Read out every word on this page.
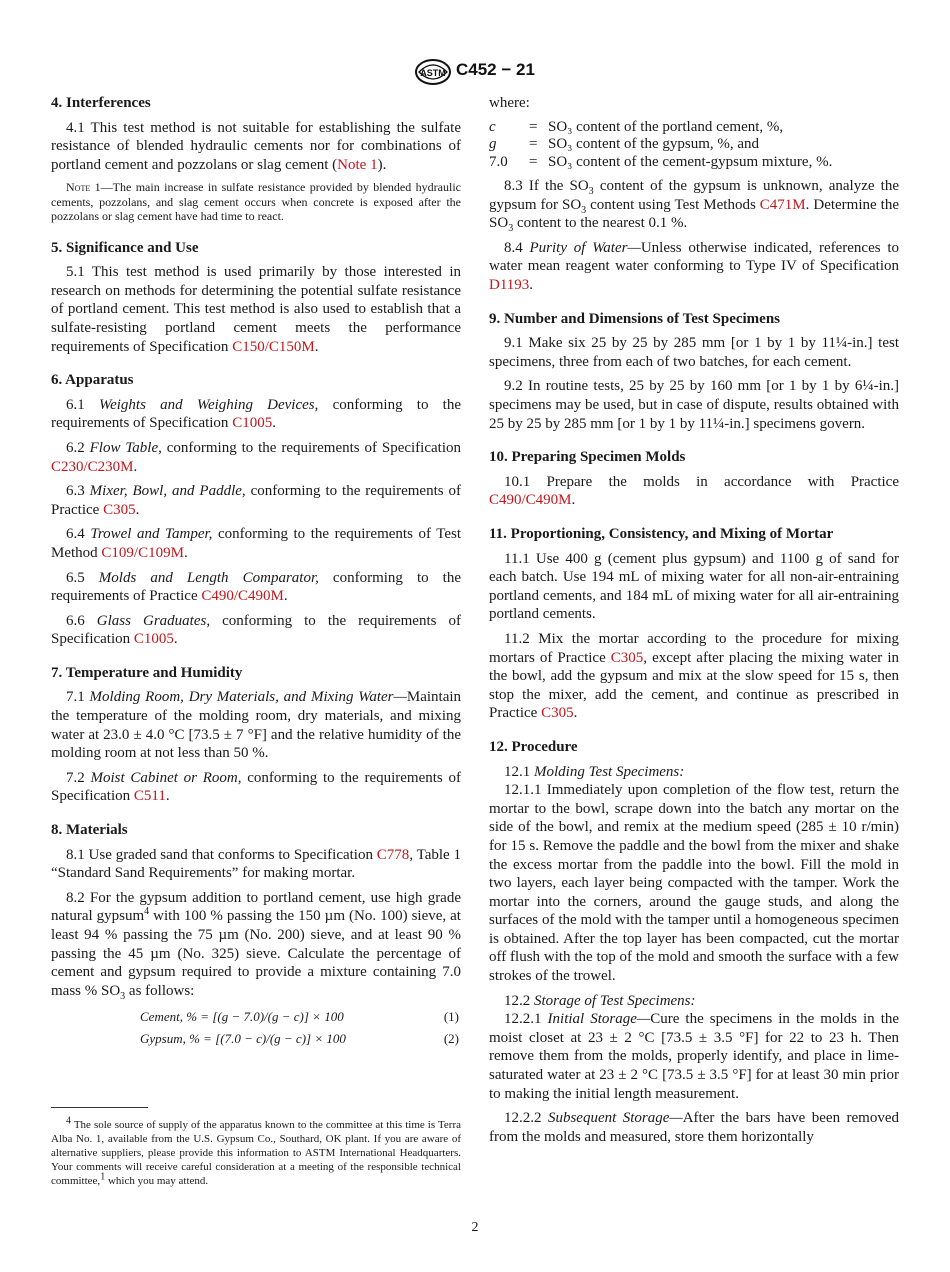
ASTM C452 − 21
4. Interferences

4.1 This test method is not suitable for establishing the sulfate resistance of blended hydraulic cements nor for combinations of portland cement and pozzolans or slag cement (Note 1).

Note 1—The main increase in sulfate resistance provided by blended hydraulic cements, pozzolans, and slag cement occurs when concrete is exposed after the pozzolans or slag cement have had time to react.

5. Significance and Use

5.1 This test method is used primarily by those interested in research on methods for determining the potential sulfate resistance of portland cement. This test method is also used to establish that a sulfate-resisting portland cement meets the performance requirements of Specification C150/C150M.

6. Apparatus

6.1 Weights and Weighing Devices, conforming to the requirements of Specification C1005.

6.2 Flow Table, conforming to the requirements of Specification C230/C230M.

6.3 Mixer, Bowl, and Paddle, conforming to the requirements of Practice C305.

6.4 Trowel and Tamper, conforming to the requirements of Test Method C109/C109M.

6.5 Molds and Length Comparator, conforming to the requirements of Practice C490/C490M.

6.6 Glass Graduates, conforming to the requirements of Specification C1005.

7. Temperature and Humidity

7.1 Molding Room, Dry Materials, and Mixing Water—Maintain the temperature of the molding room, dry materials, and mixing water at 23.0 ± 4.0 °C [73.5 ± 7 °F] and the relative humidity of the molding room at not less than 50 %.

7.2 Moist Cabinet or Room, conforming to the requirements of Specification C511.

8. Materials

8.1 Use graded sand that conforms to Specification C778, Table 1 “Standard Sand Requirements” for making mortar.

8.2 For the gypsum addition to portland cement, use high grade natural gypsum$^4$ with 100 % passing the 150 µm (No. 100) sieve, at least 94 % passing the 75 µm (No. 200) sieve, and at least 90 % passing the 45 µm (No. 325) sieve. Calculate the percentage of cement and gypsum required to provide a mixture containing 7.0 mass % $SO_3$ as follows:

Cement, % = [(g − 7.0)/(g − c)] × 100	(1)
Gypsum, % = [(7.0 − c)/(g − c)] × 100	(2)
$^4$ The sole source of supply of the apparatus known to the committee at this time is Terra Alba No. 1, available from the U.S. Gypsum Co., Southard, OK plant. If you are aware of alternative suppliers, please provide this information to ASTM International Headquarters. Your comments will receive careful consideration at a meeting of the responsible technical committee,$^1$ which you may attend.

where:

c = SO₃ content of the portland cement, %,
g = SO₃ content of the gypsum, %, and
7.0 = SO₃ content of the cement-gypsum mixture, %.

8.3 If the $SO_3$ content of the gypsum is unknown, analyze the gypsum for $SO_3$ content using Test Methods C471M. Determine the $SO_3$ content to the nearest 0.1 %.

8.4 Purity of Water—Unless otherwise indicated, references to water mean reagent water conforming to Type IV of Specification D1193.

9. Number and Dimensions of Test Specimens

9.1 Make six 25 by 25 by 285 mm [or 1 by 1 by 11¼-in.] test specimens, three from each of two batches, for each cement.

9.2 In routine tests, 25 by 25 by 160 mm [or 1 by 1 by 6¼-in.] specimens may be used, but in case of dispute, results obtained with 25 by 25 by 285 mm [or 1 by 1 by 11¼-in.] specimens govern.

10. Preparing Specimen Molds

10.1 Prepare the molds in accordance with Practice C490/C490M.

11. Proportioning, Consistency, and Mixing of Mortar

11.1 Use 400 g (cement plus gypsum) and 1100 g of sand for each batch. Use 194 mL of mixing water for all non-air-entraining portland cements, and 184 mL of mixing water for all air-entraining portland cements.

11.2 Mix the mortar according to the procedure for mixing mortars of Practice C305, except after placing the mixing water in the bowl, add the gypsum and mix at the slow speed for 15 s, then stop the mixer, add the cement, and continue as prescribed in Practice C305.

12. Procedure

12.1 Molding Test Specimens:

12.1.1 Immediately upon completion of the flow test, return the mortar to the bowl, scrape down into the batch any mortar on the side of the bowl, and remix at the medium speed (285 ± 10 r/min) for 15 s. Remove the paddle and the bowl from the mixer and shake the excess mortar from the paddle into the bowl. Fill the mold in two layers, each layer being compacted with the tamper. Work the mortar into the corners, around the gauge studs, and along the surfaces of the mold with the tamper until a homogeneous specimen is obtained. After the top layer has been compacted, cut the mortar off flush with the top of the mold and smooth the surface with a few strokes of the trowel.

12.2 Storage of Test Specimens:

12.2.1 Initial Storage—Cure the specimens in the molds in the moist closet at 23 ± 2 °C [73.5 ± 3.5 °F] for 22 to 23 h. Then remove them from the molds, properly identify, and place in lime-saturated water at 23 ± 2 °C [73.5 ± 3.5 °F] for at least 30 min prior to making the initial length measurement.

12.2.2 Subsequent Storage—After the bars have been removed from the molds and measured, store them horizontally

2
